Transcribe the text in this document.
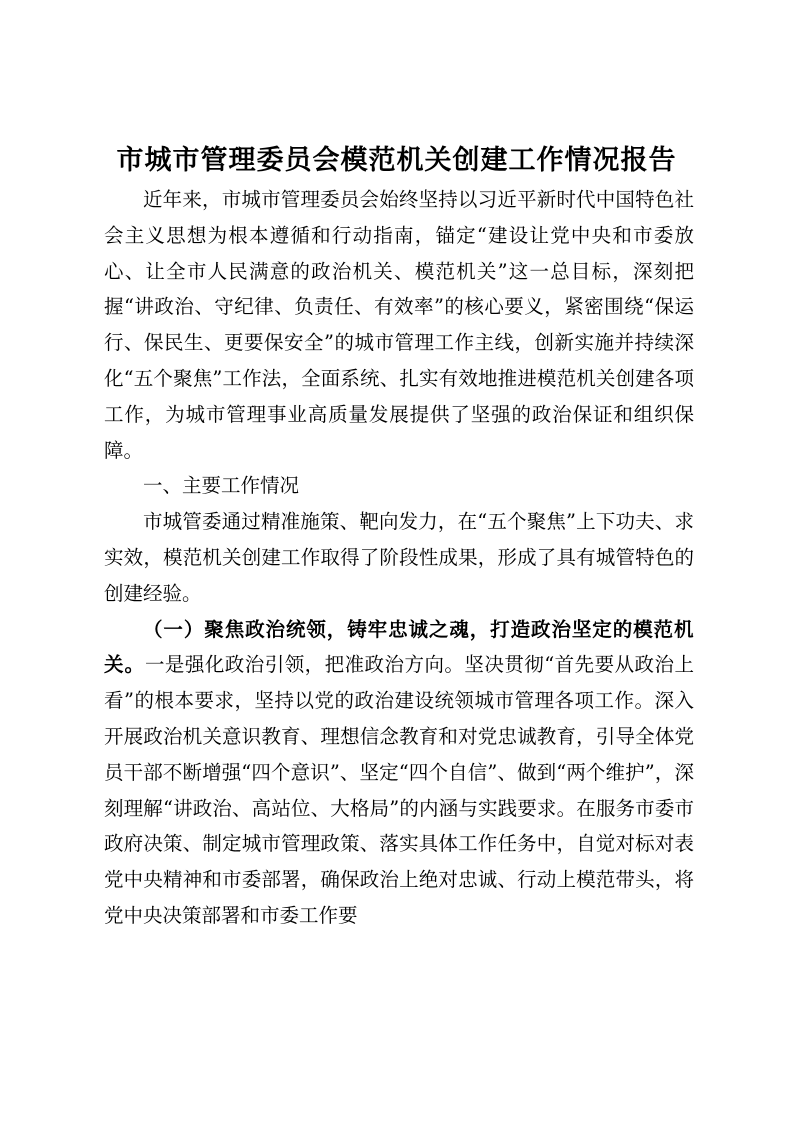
市城市管理委员会模范机关创建工作情况报告

近年来，市城市管理委员会始终坚持以习近平新时代中国特色社会主义思想为根本遵循和行动指南，锚定“建设让党中央和市委放心、让全市人民满意的政治机关、模范机关”这一总目标，深刻把握“讲政治、守纪律、负责任、有效率”的核心要义，紧密围绕“保运行、保民生、更要保安全”的城市管理工作主线，创新实施并持续深化“五个聚焦”工作法，全面系统、扎实有效地推进模范机关创建各项工作，为城市管理事业高质量发展提供了坚强的政治保证和组织保障。

一、主要工作情况

市城管委通过精准施策、靶向发力，在“五个聚焦”上下功夫、求实效，模范机关创建工作取得了阶段性成果，形成了具有城管特色的创建经验。

（一）聚焦政治统领，铸牢忠诚之魂，打造政治坚定的模范机关。一是强化政治引领，把准政治方向。坚决贯彻“首先要从政治上看”的根本要求，坚持以党的政治建设统领城市管理各项工作。深入开展政治机关意识教育、理想信念教育和对党忠诚教育，引导全体党员干部不断增强“四个意识”、坚定“四个自信”、做到“两个维护”，深刻理解“讲政治、高站位、大格局”的内涵与实践要求。在服务市委市政府决策、制定城市管理政策、落实具体工作任务中，自觉对标对表党中央精神和市委部署，确保政治上绝对忠诚、行动上模范带头，将党中央决策部署和市委工作要
